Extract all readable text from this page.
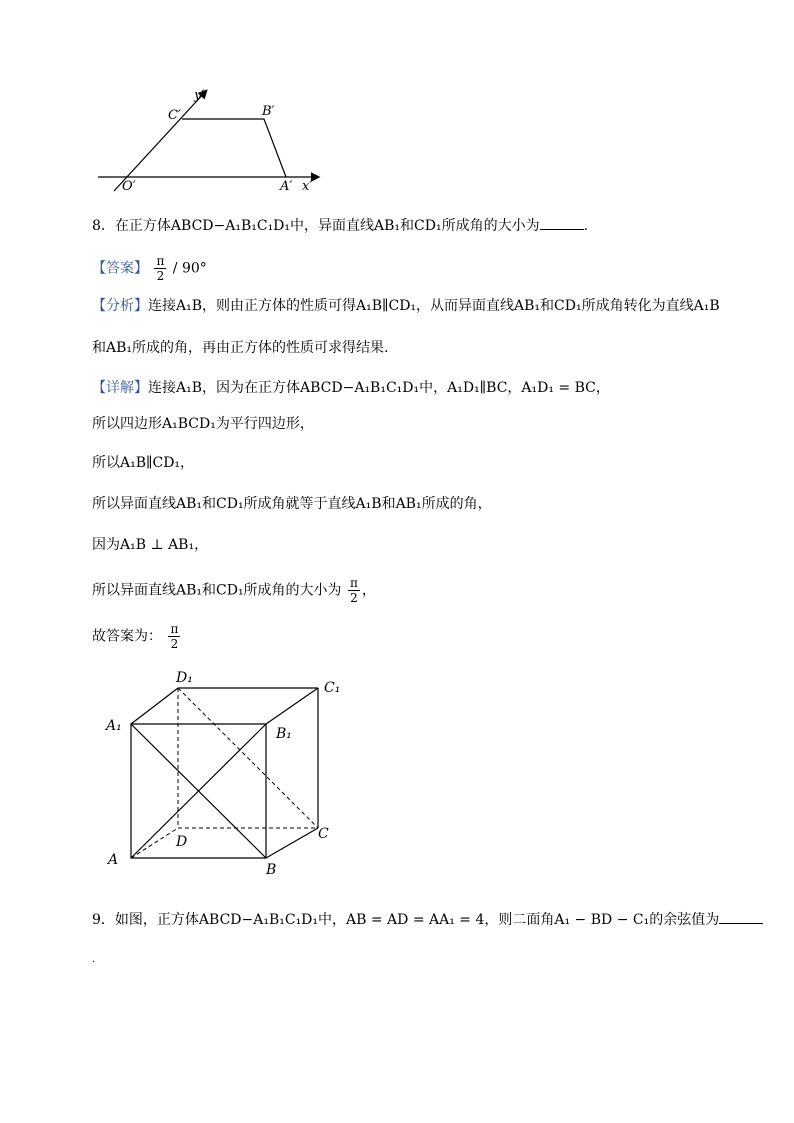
y′
C′	B′
O′	A′ x′
8．在正方体ABCD−A₁B₁C₁D₁中，异面直线AB₁和CD₁所成角的大小为	.
【答案】 $\frac{\pi}{2} / 90^\circ$
【分析】连接A₁B，则由正方体的性质可得A₁B∥CD₁，从而异面直线AB₁和CD₁所成角转化为直线A₁B
和AB₁所成的角，再由正方体的性质可求得结果.
【详解】连接A₁B，因为在正方体ABCD−A₁B₁C₁D₁中，A₁D₁∥BC，A₁D₁ = BC，
所以四边形A₁BCD₁为平行四边形，
所以A₁B∥CD₁，
所以异面直线AB₁和CD₁所成角就等于直线A₁B和AB₁所成的角，
因为A₁B ⊥ AB₁，
所以异面直线AB₁和CD₁所成角的大小为 $\frac{\pi}{2}$ ，
故答案为： $\frac{\pi}{2}$
D₁
C₁
A₁	B₁
D	C
A
B
9．如图，正方体ABCD−A₁B₁C₁D₁中，AB = AD = AA₁ = 4，则二面角A₁ − BD − C₁的余弦值为
.
